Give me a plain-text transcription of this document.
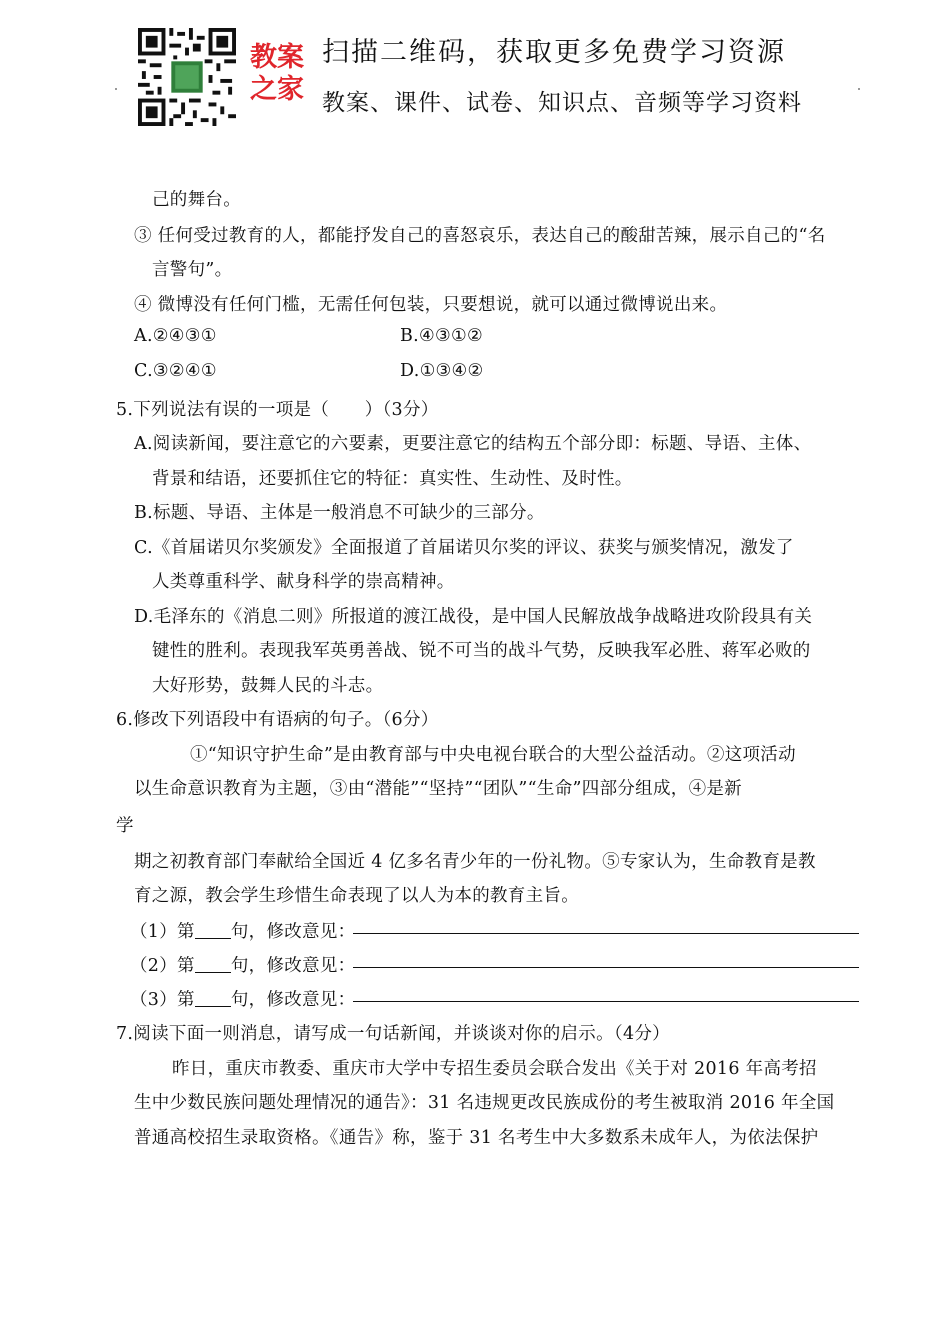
教案之家
扫描二维码，获取更多免费学习资源
教案、课件、试卷、知识点、音频等学习资料
己的舞台。
③ 任何受过教育的人，都能抒发自己的喜怒哀乐，表达自己的酸甜苦辣，展示自己的“名
言警句”。
④ 微博没有任何门槛，无需任何包装，只要想说，就可以通过微博说出来。
A.②④③①	B.④③①②
C.③②④①	D.①③④②
5.下列说法有误的一项是（　　）（3分）
A.阅读新闻，要注意它的六要素，更要注意它的结构五个部分即：标题、导语、主体、
背景和结语，还要抓住它的特征：真实性、生动性、及时性。
B.标题、导语、主体是一般消息不可缺少的三部分。
C.《首届诺贝尔奖颁发》全面报道了首届诺贝尔奖的评议、获奖与颁奖情况，激发了
人类尊重科学、献身科学的崇高精神。
D.毛泽东的《消息二则》所报道的渡江战役，是中国人民解放战争战略进攻阶段具有关
键性的胜利。表现我军英勇善战、锐不可当的战斗气势，反映我军必胜、蒋军必败的
大好形势，鼓舞人民的斗志。
6.修改下列语段中有语病的句子。（6分）
①“知识守护生命”是由教育部与中央电视台联合的大型公益活动。②这项活动
以生命意识教育为主题，③由“潜能”“坚持”“团队”“生命”四部分组成，④是新
学
期之初教育部门奉献给全国近 4 亿多名青少年的一份礼物。⑤专家认为，生命教育是教
育之源，教会学生珍惜生命表现了以人为本的教育主旨。
（1）第 句，修改意见：
（2）第 句，修改意见：
（3）第 句，修改意见：
7.阅读下面一则消息，请写成一句话新闻，并谈谈对你的启示。（4分）
昨日，重庆市教委、重庆市大学中专招生委员会联合发出《关于对 2016 年高考招
生中少数民族问题处理情况的通告》：31 名违规更改民族成份的考生被取消 2016 年全国
普通高校招生录取资格。《通告》称，鉴于 31 名考生中大多数系未成年人，为依法保护
